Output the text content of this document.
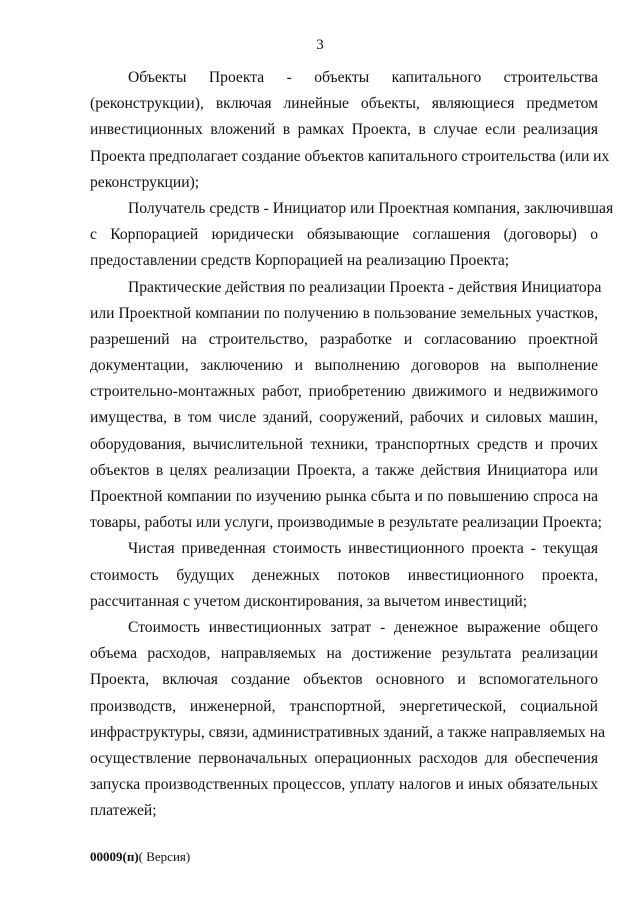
3
Объекты Проекта - объекты капитального строительства
(реконструкции), включая линейные объекты, являющиеся предметом
инвестиционных вложений в рамках Проекта, в случае если реализация
Проекта предполагает создание объектов капитального строительства (или их
реконструкции);
Получатель средств - Инициатор или Проектная компания, заключившая
с Корпорацией юридически обязывающие соглашения (договоры) о
предоставлении средств Корпорацией на реализацию Проекта;
Практические действия по реализации Проекта - действия Инициатора
или Проектной компании по получению в пользование земельных участков,
разрешений на строительство, разработке и согласованию проектной
документации, заключению и выполнению договоров на выполнение
строительно-монтажных работ, приобретению движимого и недвижимого
имущества, в том числе зданий, сооружений, рабочих и силовых машин,
оборудования, вычислительной техники, транспортных средств и прочих
объектов в целях реализации Проекта, а также действия Инициатора или
Проектной компании по изучению рынка сбыта и по повышению спроса на
товары, работы или услуги, производимые в результате реализации Проекта;
Чистая приведенная стоимость инвестиционного проекта - текущая
стоимость будущих денежных потоков инвестиционного проекта,
рассчитанная с учетом дисконтирования, за вычетом инвестиций;
Стоимость инвестиционных затрат - денежное выражение общего
объема расходов, направляемых на достижение результата реализации
Проекта, включая создание объектов основного и вспомогательного
производств, инженерной, транспортной, энергетической, социальной
инфраструктуры, связи, административных зданий, а также направляемых на
осуществление первоначальных операционных расходов для обеспечения
запуска производственных процессов, уплату налогов и иных обязательных
платежей;
00009(п)( Версия)
